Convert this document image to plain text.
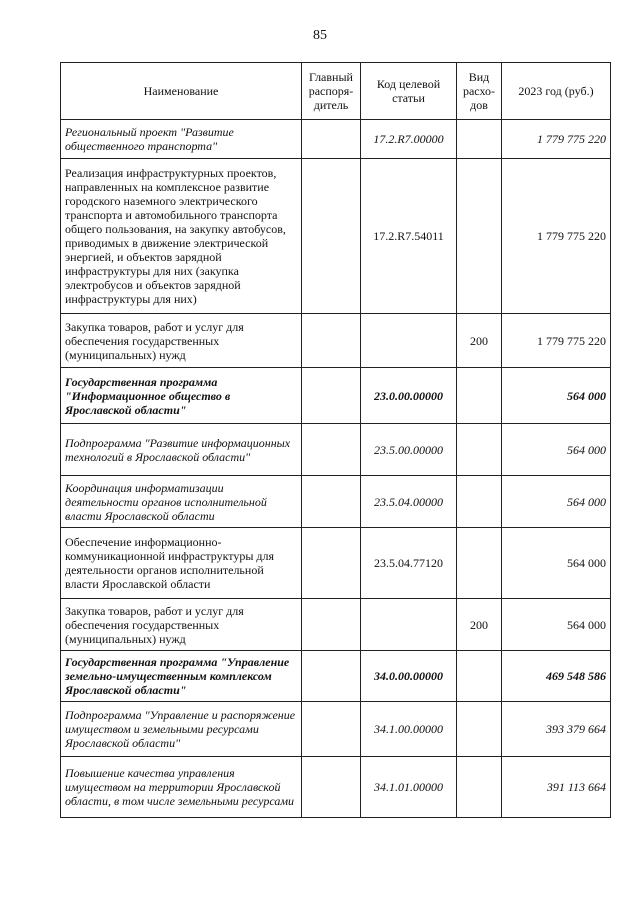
85
Наименование	Главный распоря-дитель	Код целевой статьи	Вид расхо-дов	2023 год (руб.)
Региональный проект "Развитие общественного транспорта"		17.2.R7.00000		1 779 775 220
Реализация инфраструктурных проектов, направленных на комплексное развитие городского наземного электрического транспорта и автомобильного транспорта общего пользования, на закупку автобусов, приводимых в движение электрической энергией, и объектов зарядной инфраструктуры для них (закупка электробусов и объектов зарядной инфраструктуры для них)		17.2.R7.54011		1 779 775 220
Закупка товаров, работ и услуг для обеспечения государственных (муниципальных) нужд			200	1 779 775 220
Государственная программа "Информационное общество в Ярославской области"		23.0.00.00000		564 000
Подпрограмма "Развитие информационных технологий в Ярославской области"		23.5.00.00000		564 000
Координация информатизации деятельности органов исполнительной власти Ярославской области		23.5.04.00000		564 000
Обеспечение информационно-коммуникационной инфраструктуры для деятельности органов исполнительной власти Ярославской области		23.5.04.77120		564 000
Закупка товаров, работ и услуг для обеспечения государственных (муниципальных) нужд			200	564 000
Государственная программа "Управление земельно-имущественным комплексом Ярославской области"		34.0.00.00000		469 548 586
Подпрограмма "Управление и распоряжение имуществом и земельными ресурсами Ярославской области"		34.1.00.00000		393 379 664
Повышение качества управления имуществом на территории Ярославской области, в том числе земельными ресурсами		34.1.01.00000		391 113 664
